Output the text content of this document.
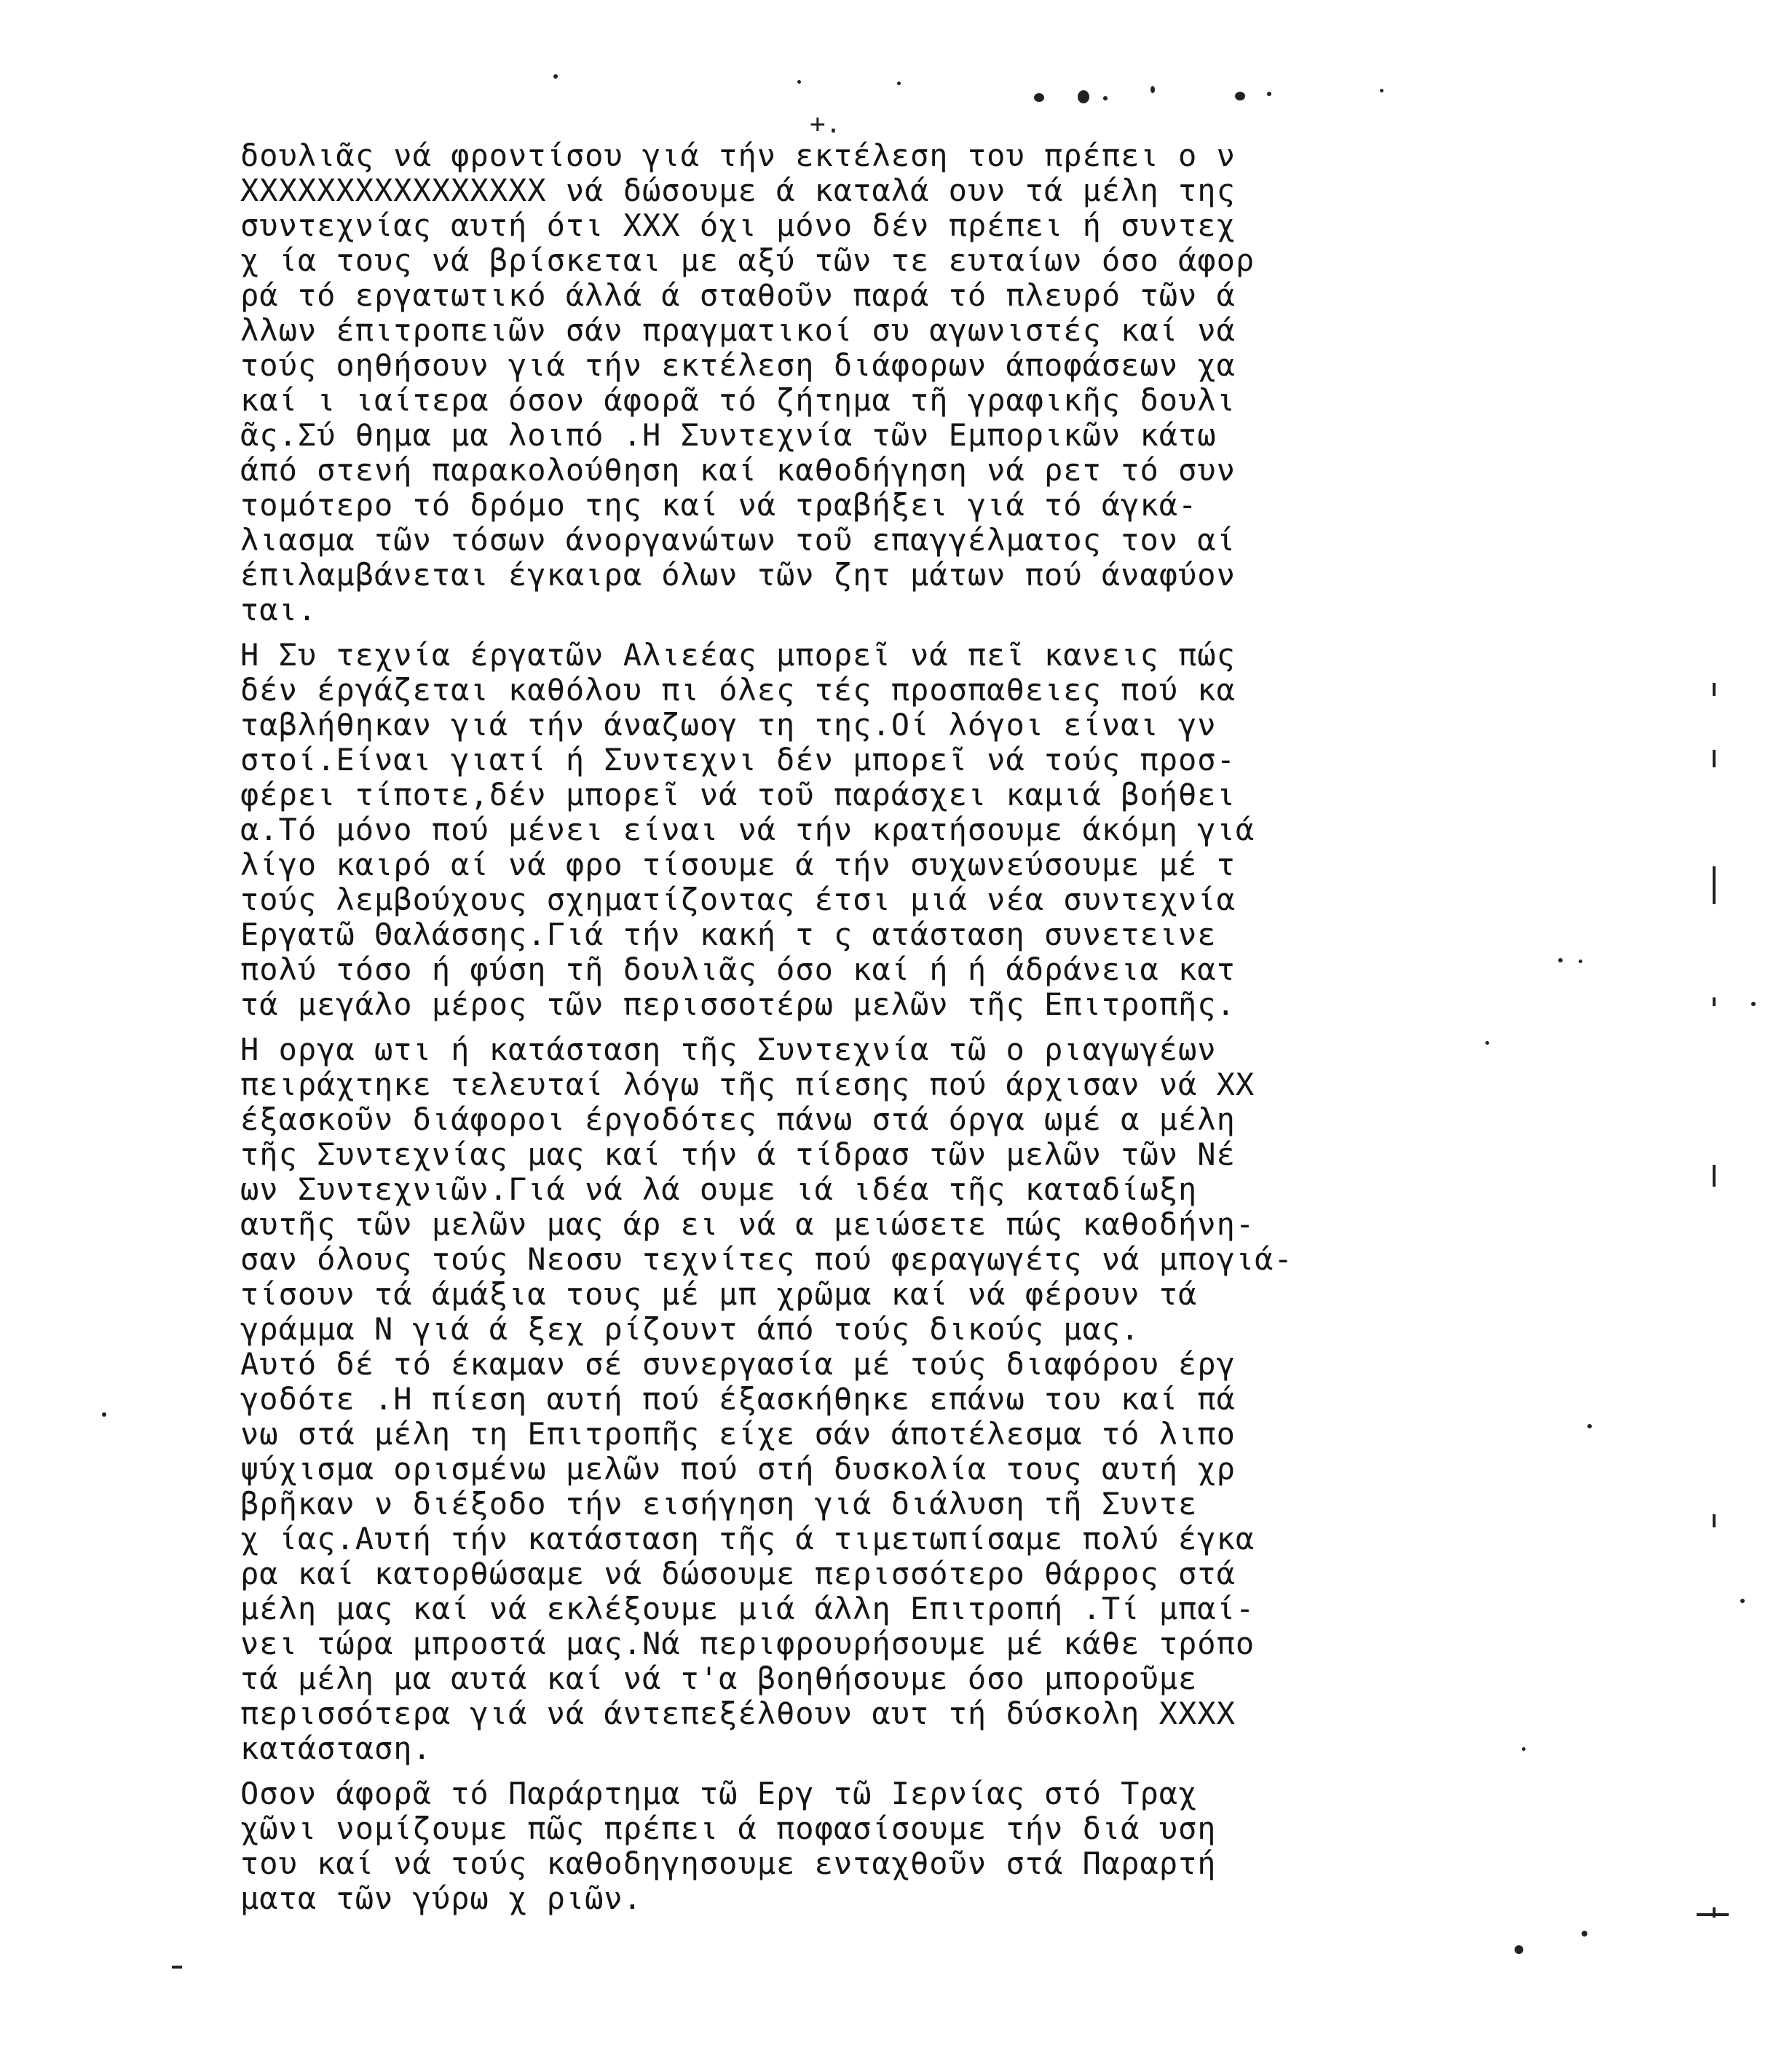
+.
δουλιᾶς νά φροντίσου γιά τήν εκτέλεση του πρέπει ο ν
XXXXXXXXXXXXXXXX νά δώσουμε ά καταλά ουν τά μέλη της
συντεχνίας αυτή ότι XXX όχι μόνο δέν πρέπει ή συντεχ
χ ία τους νά βρίσκεται με αξύ τῶν τε ευταίων όσο άφορ
ρά τό εργατωτικό άλλά ά σταθοῦν παρά τό πλευρό τῶν ά
λλων έπιτροπειῶν σάν πραγματικοί συ αγωνιστές καί νά
τούς οηθήσουν γιά τήν εκτέλεση διάφορων άποφάσεων χα
καί ι ιαίτερα όσον άφορᾶ τό ζήτημα τῆ γραφικῆς δουλι
ᾶς.Σύ θημα μα λοιπό .Η Συντεχνία τῶν Εμπορικῶν κάτω
άπό στενή παρακολούθηση καί καθοδήγηση νά ρετ τό συν
τομότερο τό δρόμο της καί νά τραβήξει γιά τό άγκά-
λιασμα τῶν τόσων άνοργανώτων τοῦ επαγγέλματος τον αί
έπιλαμβάνεται έγκαιρα όλων τῶν ζητ μάτων πού άναφύον
ται.
Η Συ τεχνία έργατῶν Αλιεέας μπορεῖ νά πεῖ κανεις πώς
δέν έργάζεται καθόλου πι όλες τές προσπαθειες πού κα
ταβλήθηκαν γιά τήν άναζωογ τη της.Οί λόγοι είναι γν
στοί.Είναι γιατί ή Συντεχνι δέν μπορεῖ νά τούς προσ-
φέρει τίποτε,δέν μπορεῖ νά τοῦ παράσχει καμιά βοήθει
α.Τό μόνο πού μένει είναι νά τήν κρατήσουμε άκόμη γιά
λίγο καιρό αί νά φρο τίσουμε ά τήν συχωνεύσουμε μέ τ
τούς λεμβούχους σχηματίζοντας έτσι μιά νέα συντεχνία
Εργατῶ Θαλάσσης.Γιά τήν κακή τ ς ατάσταση συνετεινε
πολύ τόσο ή φύση τῆ δουλιᾶς όσο καί ή ή άδράνεια κατ
τά μεγάλο μέρος τῶν περισσοτέρω μελῶν τῆς Επιτροπῆς.
Η οργα ωτι ή κατάσταση τῆς Συντεχνία τῶ ο ριαγωγέων
πειράχτηκε τελευταί λόγω τῆς πίεσης πού άρχισαν νά ΧΧ
έξασκοῦν διάφοροι έργοδότες πάνω στά όργα ωμέ α μέλη
τῆς Συντεχνίας μας καί τήν ά τίδρασ τῶν μελῶν τῶν Νέ
ων Συντεχνιῶν.Γιά νά λά ουμε ιά ιδέα τῆς καταδίωξη
αυτῆς τῶν μελῶν μας άρ ει νά α μειώσετε πώς καθοδήνη-
σαν όλους τούς Νεοσυ τεχνίτες πού φεραγωγέτς νά μπογιά-
τίσουν τά άμάξια τους μέ μπ χρῶμα καί νά φέρουν τά
γράμμα Ν γιά ά ξεχ ρίζουντ άπό τούς δικούς μας.
Αυτό δέ τό έκαμαν σέ συνεργασία μέ τούς διαφόρου έργ
γοδότε .Η πίεση αυτή πού έξασκήθηκε επάνω του καί πά
νω στά μέλη τη Επιτροπῆς είχε σάν άποτέλεσμα τό λιπο
ψύχισμα ορισμένω μελῶν πού στή δυσκολία τους αυτή χρ
βρῆκαν ν διέξοδο τήν εισήγηση γιά διάλυση τῆ Συντε
χ ίας.Αυτή τήν κατάσταση τῆς ά τιμετωπίσαμε πολύ έγκα
ρα καί κατορθώσαμε νά δώσουμε περισσότερο θάρρος στά
μέλη μας καί νά εκλέξουμε μιά άλλη Επιτροπή .Τί μπαί-
νει τώρα μπροστά μας.Νά περιφρουρήσουμε μέ κάθε τρόπο
τά μέλη μα αυτά καί νά τ'α βοηθήσουμε όσο μποροῦμε
περισσότερα γιά νά άντεπεξέλθουν αυτ τή δύσκολη ΧΧΧΧ
κατάσταση.
Οσον άφορᾶ τό Παράρτημα τῶ Εργ τῶ Ιερνίας στό Τραχ
χῶνι νομίζουμε πῶς πρέπει ά ποφασίσουμε τήν διά υση
του καί νά τούς καθοδηγησουμε ενταχθοῦν στά Παραρτή
ματα τῶν γύρω χ ριῶν.
